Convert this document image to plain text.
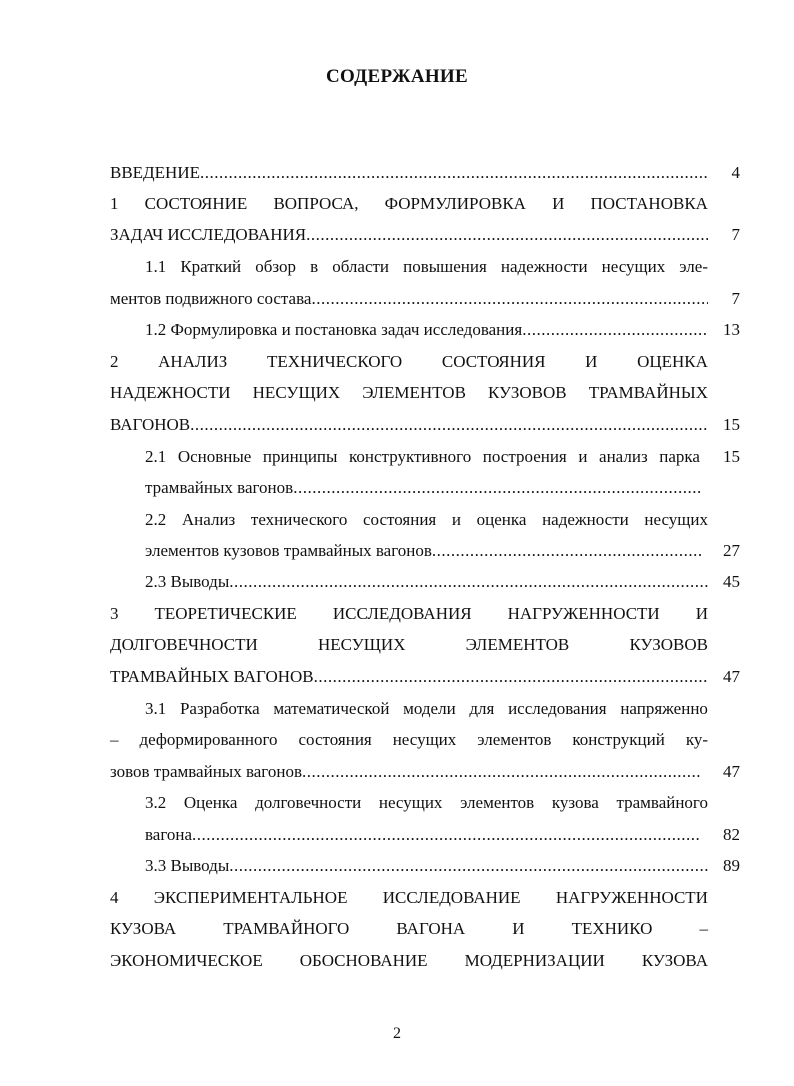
СОДЕРЖАНИЕ
ВВЕДЕНИЕ .....	4
1 СОСТОЯНИЕ ВОПРОСА, ФОРМУЛИРОВКА И ПОСТАНОВКА
ЗАДАЧ ИССЛЕДОВАНИЯ .....	7
1.1 Краткий обзор в области повышения надежности несущих эле-
ментов подвижного состава .....	7
1.2 Формулировка и постановка задач исследования .....	13
2 АНАЛИЗ ТЕХНИЧЕСКОГО СОСТОЯНИЯ И ОЦЕНКА
НАДЕЖНОСТИ НЕСУЩИХ ЭЛЕМЕНТОВ КУЗОВОВ ТРАМВАЙНЫХ
ВАГОНОВ .....	15
2.1 Основные принципы конструктивного построения и анализ парка	15
трамвайных вагонов
.....
2.2 Анализ технического состояния и оценка надежности несущих
элементов кузовов трамвайных вагонов .....	27
2.3 Выводы .....	45
3 ТЕОРЕТИЧЕСКИЕ ИССЛЕДОВАНИЯ НАГРУЖЕННОСТИ И
ДОЛГОВЕЧНОСТИ	НЕСУЩИХ	ЭЛЕМЕНТОВ	КУЗОВОВ
ТРАМВАЙНЫХ ВАГОНОВ .....	47
3.1 Разработка математической модели для исследования напряженно
– деформированного состояния несущих элементов конструкций ку-
зовов трамвайных вагонов .....	47
3.2 Оценка долговечности несущих элементов кузова трамвайного
вагона .....	82
3.3 Выводы .....	89
4 ЭКСПЕРИМЕНТАЛЬНОЕ ИССЛЕДОВАНИЕ НАГРУЖЕННОСТИ
КУЗОВА	ТРАМВАЙНОГО	ВАГОНА	И	ТЕХНИКО	–
ЭКОНОМИЧЕСКОЕ ОБОСНОВАНИЕ МОДЕРНИЗАЦИИ КУЗОВА
2
